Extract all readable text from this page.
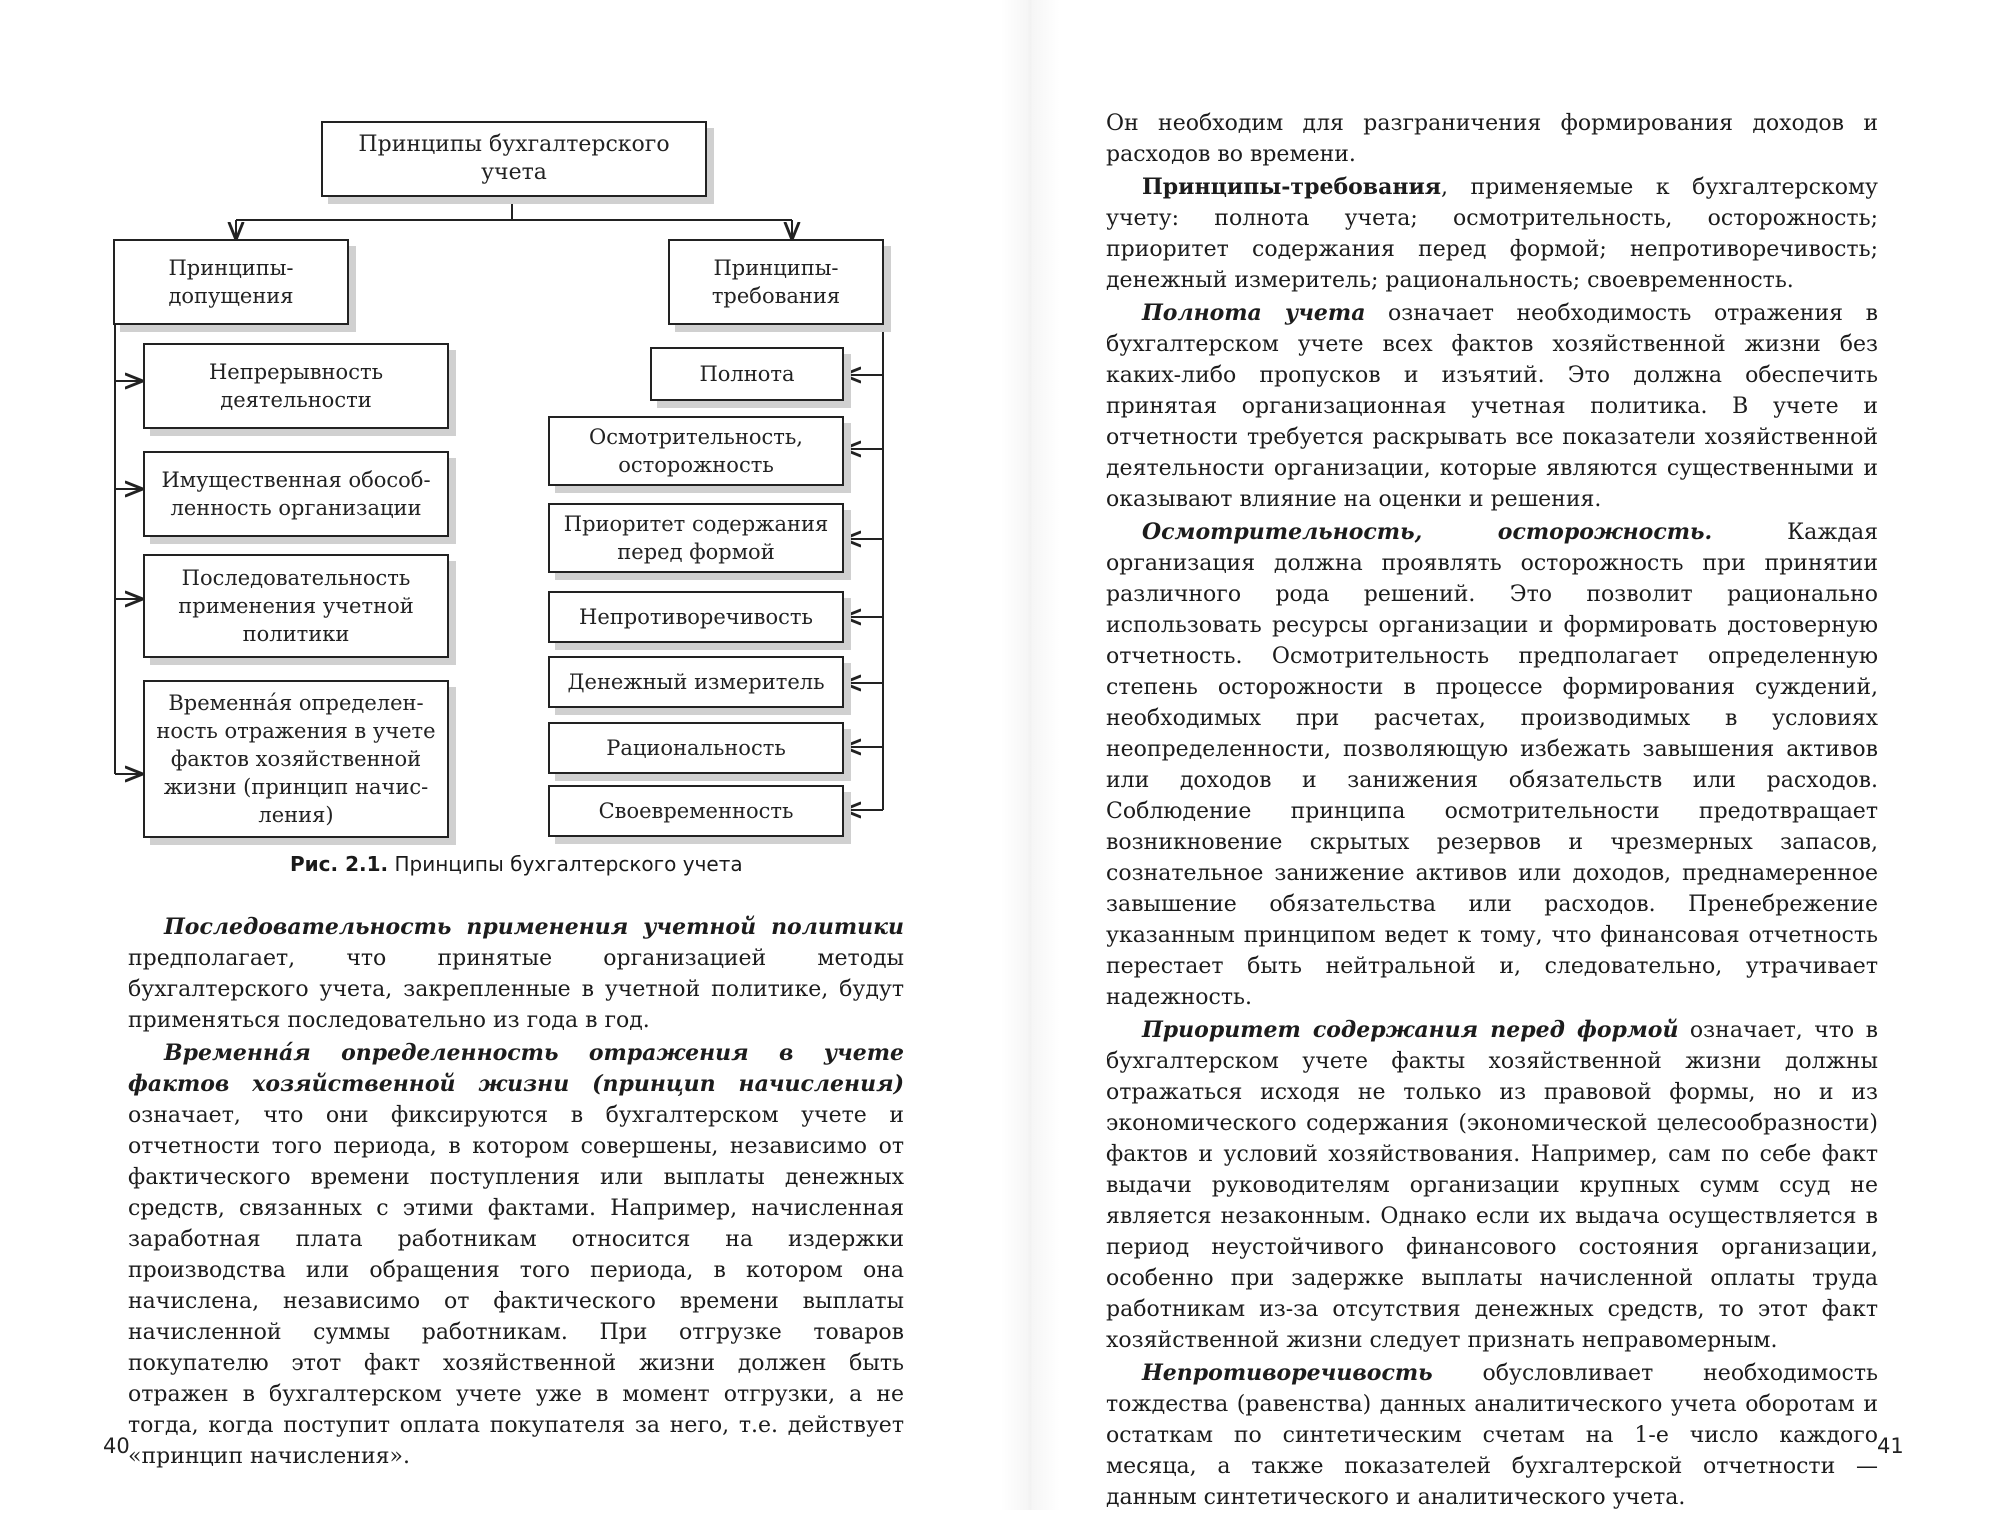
Принципы бухгалтерского учета
Принципы-
допущения
Принципы-
требования
Непрерывность
деятельности
Имущественная обособ-
ленность организации
Последовательность
применения учетной
политики
Временна́я определен-
ность отражения в учете
фактов хозяйственной
жизни (принцип начис-
ления)
Полнота
Осмотрительность,
осторожность
Приоритет содержания
перед формой
Непротиворечивость
Денежный измеритель
Рациональность
Своевременность
Рис. 2.1. Принципы бухгалтерского учета

Последовательность применения учетной политики предполагает, что принятые организацией методы бухгалтерского учета, закрепленные в учетной политике, будут применяться последовательно из года в год.

Временна́я определенность отражения в учете фактов хозяйственной жизни (принцип начисления) означает, что они фиксируются в бухгалтерском учете и отчетности того периода, в котором совершены, независимо от фактического времени поступления или выплаты денежных средств, связанных с этими фактами. Например, начисленная заработная плата работникам относится на издержки производства или обращения того периода, в котором она начислена, независимо от фактического времени выплаты начисленной суммы работникам. При отгрузке товаров покупателю этот факт хозяйственной жизни должен быть отражен в бухгалтерском учете уже в момент отгрузки, а не тогда, когда поступит оплата покупателя за него, т.е. действует «принцип начисления».

40

Он необходим для разграничения формирования доходов и расходов во времени.

Принципы-требования, применяемые к бухгалтерскому учету: полнота учета; осмотрительность, осторожность; приоритет содержания перед формой; непротиворечивость; денежный измеритель; рациональность; своевременность.

Полнота учета означает необходимость отражения в бухгалтерском учете всех фактов хозяйственной жизни без каких-либо пропусков и изъятий. Это должна обеспечить принятая организационная учетная политика. В учете и отчетности требуется раскрывать все показатели хозяйственной деятельности организации, которые являются существенными и оказывают влияние на оценки и решения.

Осмотрительность, осторожность. Каждая организация должна проявлять осторожность при принятии различного рода решений. Это позволит рационально использовать ресурсы организации и формировать достоверную отчетность. Осмотрительность предполагает определенную степень осторожности в процессе формирования суждений, необходимых при расчетах, производимых в условиях неопределенности, позволяющую избежать завышения активов или доходов и занижения обязательств или расходов. Соблюдение принципа осмотрительности предотвращает возникновение скрытых резервов и чрезмерных запасов, сознательное занижение активов или доходов, преднамеренное завышение обязательства или расходов. Пренебрежение указанным принципом ведет к тому, что финансовая отчетность перестает быть нейтральной и, следовательно, утрачивает надежность.

Приоритет содержания перед формой означает, что в бухгалтерском учете факты хозяйственной жизни должны отражаться исходя не только из правовой формы, но и из экономического содержания (экономической целесообразности) фактов и условий хозяйствования. Например, сам по себе факт выдачи руководителям организации крупных сумм ссуд не является незаконным. Однако если их выдача осуществляется в период неустойчивого финансового состояния организации, особенно при задержке выплаты начисленной оплаты труда работникам из-за отсутствия денежных средств, то этот факт хозяйственной жизни следует признать неправомерным.

Непротиворечивость обусловливает необходимость тождества (равенства) данных аналитического учета оборотам и остаткам по синтетическим счетам на 1-е число каждого месяца, а также показателей бухгалтерской отчетности — данным синтетического и аналитического учета.

41
